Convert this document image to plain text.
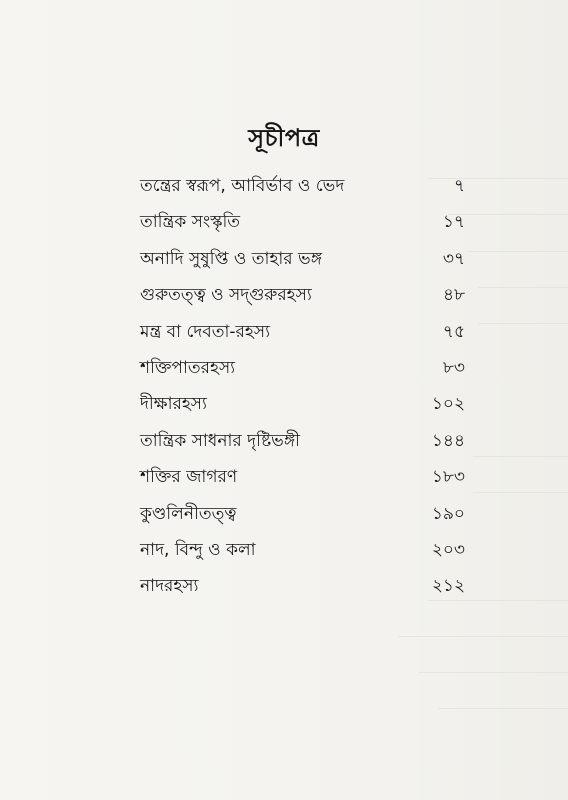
সূচীপত্র
তন্ত্রের স্বরূপ, আবির্ভাব ও ভেদ	৭
তান্ত্রিক সংস্কৃতি	১৭
অনাদি সুষুপ্তি ও তাহার ভঙ্গ	৩৭
গুরুতত্ত্ব ও সদ্গুরুরহস্য	৪৮
মন্ত্র বা দেবতা-রহস্য	৭৫
শক্তিপাতরহস্য	৮৩
দীক্ষারহস্য	১০২
তান্ত্রিক সাধনার দৃষ্টিভঙ্গী	১৪৪
শক্তির জাগরণ	১৮৩
কুণ্ডলিনীতত্ত্ব	১৯০
নাদ, বিন্দু ও কলা	২০৩
নাদরহস্য	২১২
